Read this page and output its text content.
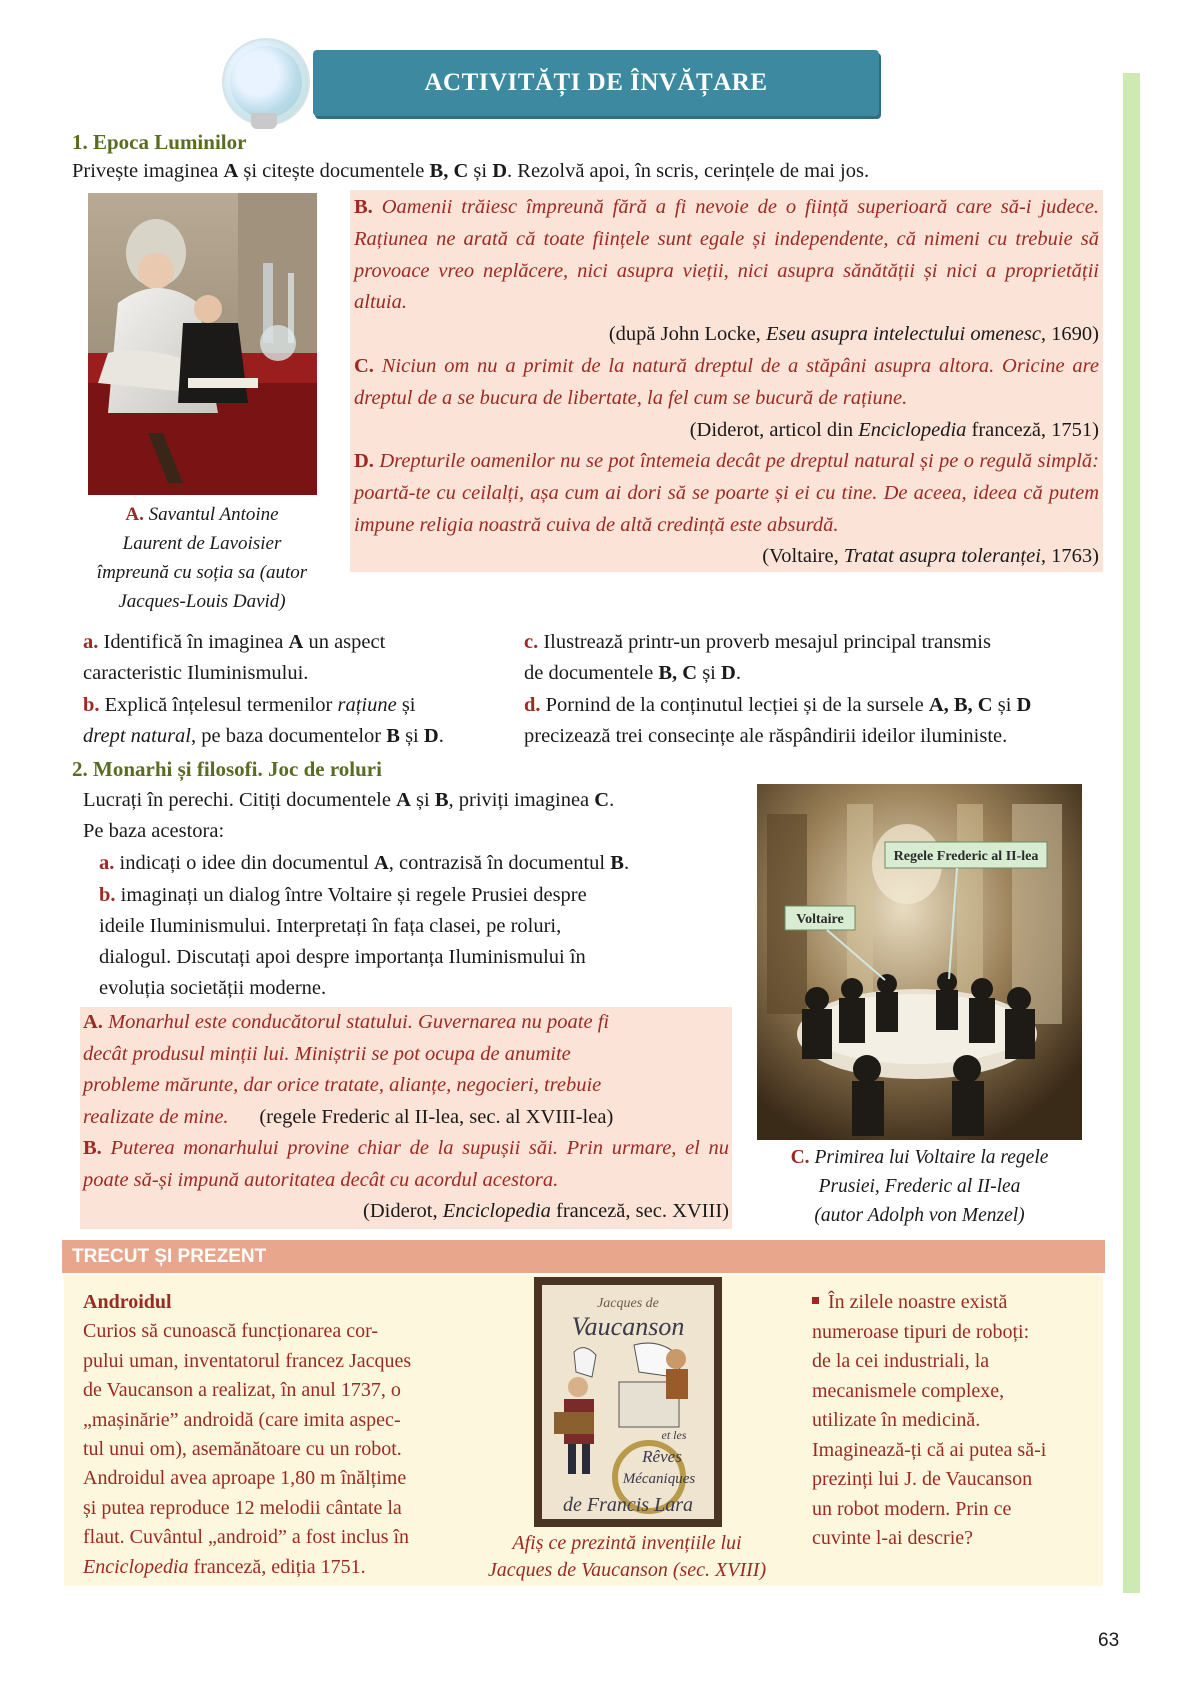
ACTIVITĂȚI DE ÎNVĂȚARE
1. Epoca Luminilor
Privește imaginea A și citește documentele B, C și D. Rezolvă apoi, în scris, cerințele de mai jos.
A. Savantul Antoine
Laurent de Lavoisier
împreună cu soția sa (autor
Jacques-Louis David)
B. Oamenii trăiesc împreună fără a fi nevoie de o ființă superioară care să-i judece. Rațiunea ne arată că toate ființele sunt egale și independente, că nimeni cu trebuie să provoace vreo neplăcere, nici asupra vieții, nici asupra sănătății și nici a proprietății altuia.

(după John Locke, Eseu asupra intelectului omenesc, 1690)
C. Niciun om nu a primit de la natură dreptul de a stăpâni asupra altora. Oricine are dreptul de a se bucura de libertate, la fel cum se bucură de rațiune.
(Diderot, articol din Enciclopedia franceză, 1751)
D. Drepturile oamenilor nu se pot întemeia decât pe dreptul natural și pe o regulă simplă: poartă-te cu ceilalți, așa cum ai dori să se poarte și ei cu tine. De aceea, ideea că putem impune religia noastră cuiva de altă credință este absurdă.
(Voltaire, Tratat asupra toleranței, 1763)
a. Identifică în imaginea A un aspect
caracteristic Iluminismului.
b. Explică înțelesul termenilor rațiune și
drept natural, pe baza documentelor B și D.
c. Ilustrează printr-un proverb mesajul principal transmis
de documentele B, C și D.
d. Pornind de la conținutul lecției și de la sursele A, B, C și D
precizează trei consecințe ale răspândirii ideilor iluministe.
2. Monarhi și filosofi. Joc de roluri
Lucrați în perechi. Citiți documentele A și B, priviți imaginea C.
Pe baza acestora:
a. indicați o idee din documentul A, contrazisă în documentul B.
b. imaginați un dialog între Voltaire și regele Prusiei despre
ideile Iluminismului. Interpretați în fața clasei, pe roluri,
dialogul. Discutați apoi despre importanța Iluminismului în
evoluția societății moderne.
A. Monarhul este conducătorul statului. Guvernarea nu poate fi
decât produsul minții lui. Miniștrii se pot ocupa de anumite
probleme mărunte, dar orice tratate, alianțe, negocieri, trebuie
realizate de mine. (regele Frederic al II-lea, sec. al XVIII-lea)
B. Puterea monarhului provine chiar de la supușii săi. Prin urmare, el nu poate să-și impună autoritatea decât cu acordul acestora.
(Diderot, Enciclopedia franceză, sec. XVIII)
Regele Frederic al II-lea
Voltaire
C. Primirea lui Voltaire la regele
Prusiei, Frederic al II-lea
(autor Adolph von Menzel)
TRECUT ȘI PREZENT
Androidul
Curios să cunoască funcționarea cor-
pului uman, inventatorul francez Jacques
de Vaucanson a realizat, în anul 1737, o
„mașinărie” androidă (care imita aspec-
tul unui om), asemănătoare cu un robot.
Androidul avea aproape 1,80 m înălțime
și putea reproduce 12 melodii cântate la
flaut. Cuvântul „android” a fost inclus în
Enciclopedia franceză, ediția 1751.
Jacques de
Vaucanson
et les
Rêves
Mécaniques
de Francis Lara
Afiș ce prezintă invențiile lui
Jacques de Vaucanson (sec. XVIII)
În zilele noastre există
numeroase tipuri de roboți:
de la cei industriali, la
mecanismele complexe,
utilizate în medicină.
Imaginează-ți că ai putea să-i
prezinți lui J. de Vaucanson
un robot modern. Prin ce
cuvinte l-ai descrie?
63
